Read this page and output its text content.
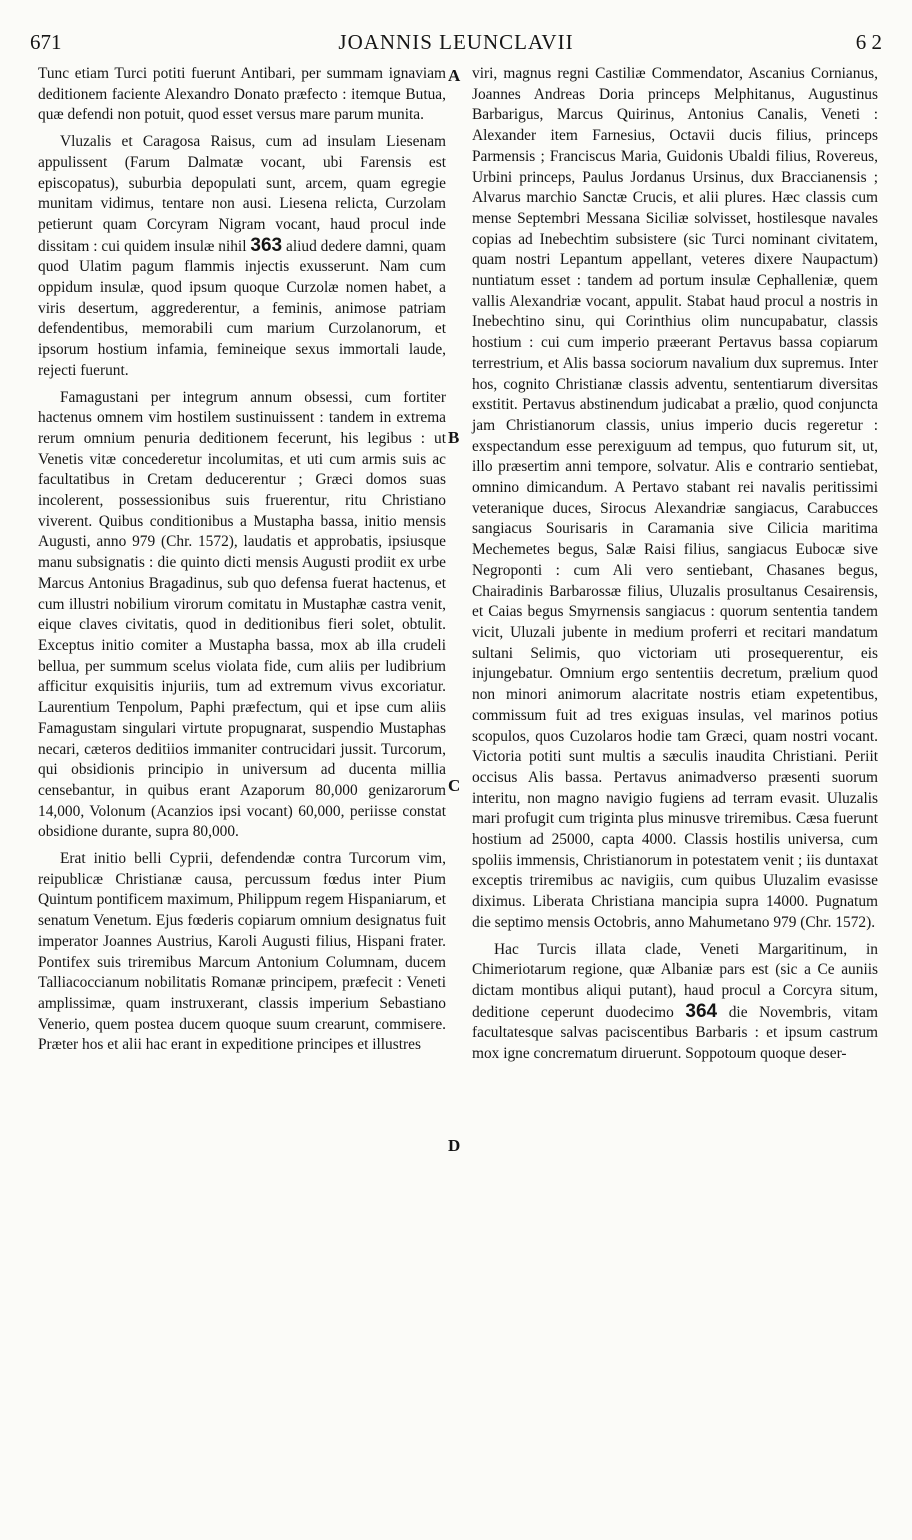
671	JOANNIS LEUNCLAVII	6 2

Tunc etiam Turci potiti fuerunt Antibari, per summam ignaviam deditionem faciente Alexandro Donato præfecto : itemque Butua, quæ defendi non potuit, quod esset versus mare parum munita.

Vluzalis et Caragosa Raisus, cum ad insulam Liesenam appulissent (Farum Dalmatæ vocant, ubi Farensis est episcopatus), suburbia depopulati sunt, arcem, quam egregie munitam vidimus, tentare non ausi. Liesena relicta, Curzolam petierunt quam Corcyram Nigram vocant, haud procul inde dissitam : cui quidem insulæ nihil 363 aliud dedere damni, quam quod Ulatim pagum flammis injectis exusserunt. Nam cum oppidum insulæ, quod ipsum quoque Curzolæ nomen habet, a viris desertum, aggrederentur, a feminis, animose patriam defendentibus, memorabili cum marium Curzolanorum, et ipsorum hostium infamia, femineique sexus immortali laude, rejecti fuerunt.

Famagustani per integrum annum obsessi, cum fortiter hactenus omnem vim hostilem sustinuissent : tandem in extrema rerum omnium penuria deditionem fecerunt, his legibus : ut Venetis vitæ concederetur incolumitas, et uti cum armis suis ac facultatibus in Cretam deducerentur ; Græci domos suas incolerent, possessionibus suis fruerentur, ritu Christiano viverent. Quibus conditionibus a Mustapha bassa, initio mensis Augusti, anno 979 (Chr. 1572), laudatis et approbatis, ipsiusque manu subsignatis : die quinto dicti mensis Augusti prodiit ex urbe Marcus Antonius Bragadinus, sub quo defensa fuerat hactenus, et cum illustri nobilium virorum comitatu in Mustaphæ castra venit, eique claves civitatis, quod in deditionibus fieri solet, obtulit. Exceptus initio comiter a Mustapha bassa, mox ab illa crudeli bellua, per summum scelus violata fide, cum aliis per ludibrium afficitur exquisitis injuriis, tum ad extremum vivus excoriatur. Laurentium Tenpolum, Paphi præfectum, qui et ipse cum aliis Famagustam singulari virtute propugnarat, suspendio Mustaphas necari, cæteros deditiios immaniter contrucidari jussit. Turcorum, qui obsidionis principio in universum ad ducenta millia censebantur, in quibus erant Azaporum 80,000 genizarorum 14,000, Volonum (Acanzios ipsi vocant) 60,000, periisse constat obsidione durante, supra 80,000.

Erat initio belli Cyprii, defendendæ contra Turcorum vim, reipublicæ Christianæ causa, percussum fœdus inter Pium Quintum pontificem maximum, Philippum regem Hispaniarum, et senatum Venetum. Ejus fœderis copiarum omnium designatus fuit imperator Joannes Austrius, Karoli Augusti filius, Hispani frater. Pontifex suis triremibus Marcum Antonium Columnam, ducem Talliacoccianum nobilitatis Romanæ principem, præfecit : Veneti amplissimæ, quam instruxerant, classis imperium Sebastiano Venerio, quem postea ducem quoque suum crearunt, commisere. Præter hos et alii hac erant in expeditione principes et illustres

A
B
C
D

viri, magnus regni Castiliæ Commendator, Ascanius Cornianus, Joannes Andreas Doria princeps Melphitanus, Augustinus Barbarigus, Marcus Quirinus, Antonius Canalis, Veneti : Alexander item Farnesius, Octavii ducis filius, princeps Parmensis ; Franciscus Maria, Guidonis Ubaldi filius, Rovereus, Urbini princeps, Paulus Jordanus Ursinus, dux Braccianensis ; Alvarus marchio Sanctæ Crucis, et alii plures. Hæc classis cum mense Septembri Messana Siciliæ solvisset, hostilesque navales copias ad Inebechtim subsistere (sic Turci nominant civitatem, quam nostri Lepantum appellant, veteres dixere Naupactum) nuntiatum esset : tandem ad portum insulæ Cephalleniæ, quem vallis Alexandriæ vocant, appulit. Stabat haud procul a nostris in Inebechtino sinu, qui Corinthius olim nuncupabatur, classis hostium : cui cum imperio præerant Pertavus bassa copiarum terrestrium, et Alis bassa sociorum navalium dux supremus. Inter hos, cognito Christianæ classis adventu, sententiarum diversitas exstitit. Pertavus abstinendum judicabat a prælio, quod conjuncta jam Christianorum classis, unius imperio ducis regeretur : exspectandum esse perexiguum ad tempus, quo futurum sit, ut, illo præsertim anni tempore, solvatur. Alis e contrario sentiebat, omnino dimicandum. A Pertavo stabant rei navalis peritissimi veteranique duces, Sirocus Alexandriæ sangiacus, Carabucces sangiacus Sourisaris in Caramania sive Cilicia maritima Mechemetes begus, Salæ Raisi filius, sangiacus Eubocæ sive Negroponti : cum Ali vero sentiebant, Chasanes begus, Chairadinis Barbarossæ filius, Uluzalis prosultanus Cesairensis, et Caias begus Smyrnensis sangiacus : quorum sententia tandem vicit, Uluzali jubente in medium proferri et recitari mandatum sultani Selimis, quo victoriam uti prosequerentur, eis injungebatur. Omnium ergo sententiis decretum, prælium quod non minori animorum alacritate nostris etiam expetentibus, commissum fuit ad tres exiguas insulas, vel marinos potius scopulos, quos Cuzolaros hodie tam Græci, quam nostri vocant. Victoria potiti sunt multis a sæculis inaudita Christiani. Periit occisus Alis bassa. Pertavus animadverso præsenti suorum interitu, non magno navigio fugiens ad terram evasit. Uluzalis mari profugit cum triginta plus minusve triremibus. Cæsa fuerunt hostium ad 25000, capta 4000. Classis hostilis universa, cum spoliis immensis, Christianorum in potestatem venit ; iis duntaxat exceptis triremibus ac navigiis, cum quibus Uluzalim evasisse diximus. Liberata Christiana mancipia supra 14000. Pugnatum die septimo mensis Octobris, anno Mahumetano 979 (Chr. 1572).

Hac Turcis illata clade, Veneti Margaritinum, in Chimeriotarum regione, quæ Albaniæ pars est (sic a Ce auniis dictam montibus aliqui putant), haud procul a Corcyra situm, deditione ceperunt duodecimo 364 die Novembris, vitam facultatesque salvas paciscentibus Barbaris : et ipsum castrum mox igne concrematum diruerunt. Soppotoum quoque deser-
